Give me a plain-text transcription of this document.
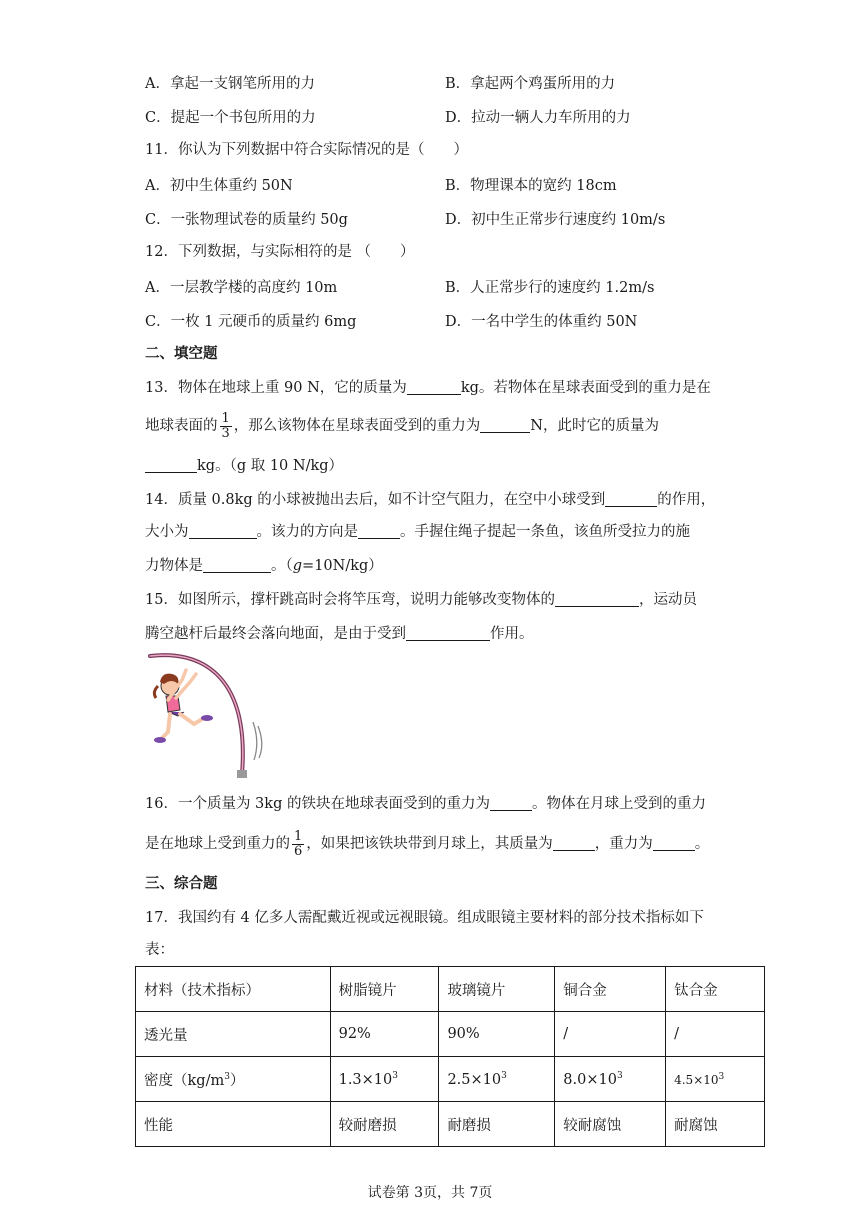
A．拿起一支钢笔所用的力	B．拿起两个鸡蛋所用的力
C．提起一个书包所用的力	D．拉动一辆人力车所用的力
11．你认为下列数据中符合实际情况的是（　　）
A．初中生体重约 50N	B．物理课本的宽约 18cm
C．一张物理试卷的质量约 50g	D．初中生正常步行速度约 10m/s
12．下列数据，与实际相符的是 （　　）
A．一层教学楼的高度约 10m	B．人正常步行的速度约 1.2m/s
C．一枚 1 元硬币的质量约 6mg	D．一名中学生的体重约 50N
二、填空题
13．物体在地球上重 90 N，它的质量为	kg。若物体在星球表面受到的重力是在
地球表面的 $\frac{1}{3}$ ，那么该物体在星球表面受到的重力为	N，此时它的质量为
kg。（g 取 10 N/kg）
14．质量 0.8kg 的小球被抛出去后，如不计空气阻力，在空中小球受到	的作用，
大小为	。该力的方向是	。手握住绳子提起一条鱼，该鱼所受拉力的施
力物体是	。（g=10N/kg）
15．如图所示，撑杆跳高时会将竿压弯，说明力能够改变物体的	，运动员
腾空越杆后最终会落向地面，是由于受到	作用。
16．一个质量为 3kg 的铁块在地球表面受到的重力为	。物体在月球上受到的重力
是在地球上受到重力的 $\frac{1}{6}$ ，如果把该铁块带到月球上，其质量为	，重力为	。
三、综合题
17．我国约有 4 亿多人需配戴近视或远视眼镜。组成眼镜主要材料的部分技术指标如下
表：
材料（技术指标）	树脂镜片	玻璃镜片	铜合金	钛合金
透光量	92%	90%	/	/
密度$(kg/m^3)$	$1.3\times 10^3$	$2.5\times 10^3$	$8.0\times 10^3$	$4.5\times 10^3$
性能	较耐磨损	耐磨损	较耐腐蚀	耐腐蚀
试卷第 3页，共 7页
